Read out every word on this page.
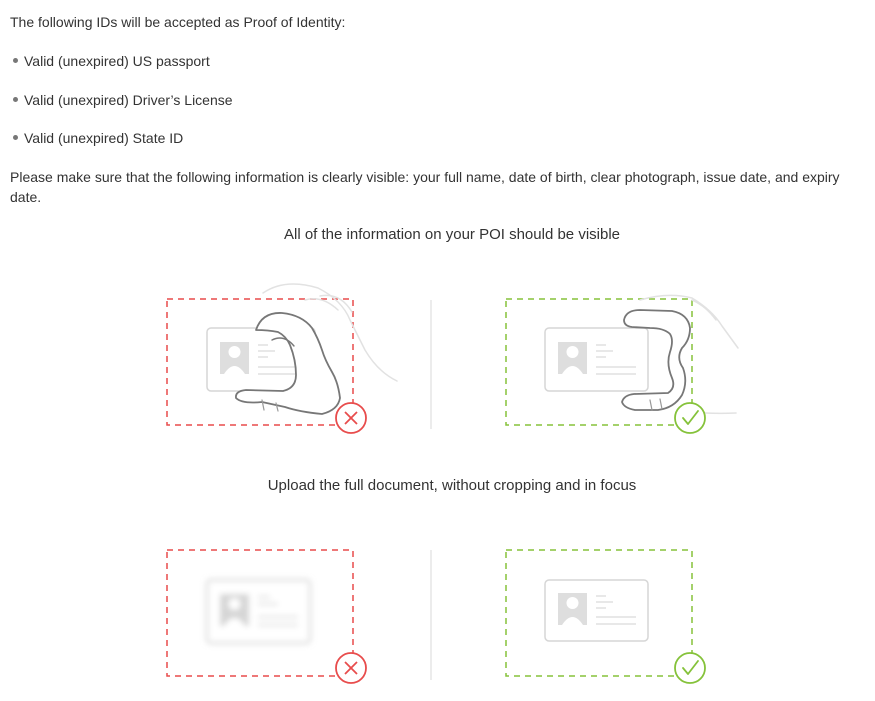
The following IDs will be accepted as Proof of Identity:
Valid (unexpired) US passport
Valid (unexpired) Driver’s License
Valid (unexpired) State ID
Please make sure that the following information is clearly visible: your full name, date of birth, clear photograph, issue date, and expiry date.
All of the information on your POI should be visible
Upload the full document, without cropping and in focus
